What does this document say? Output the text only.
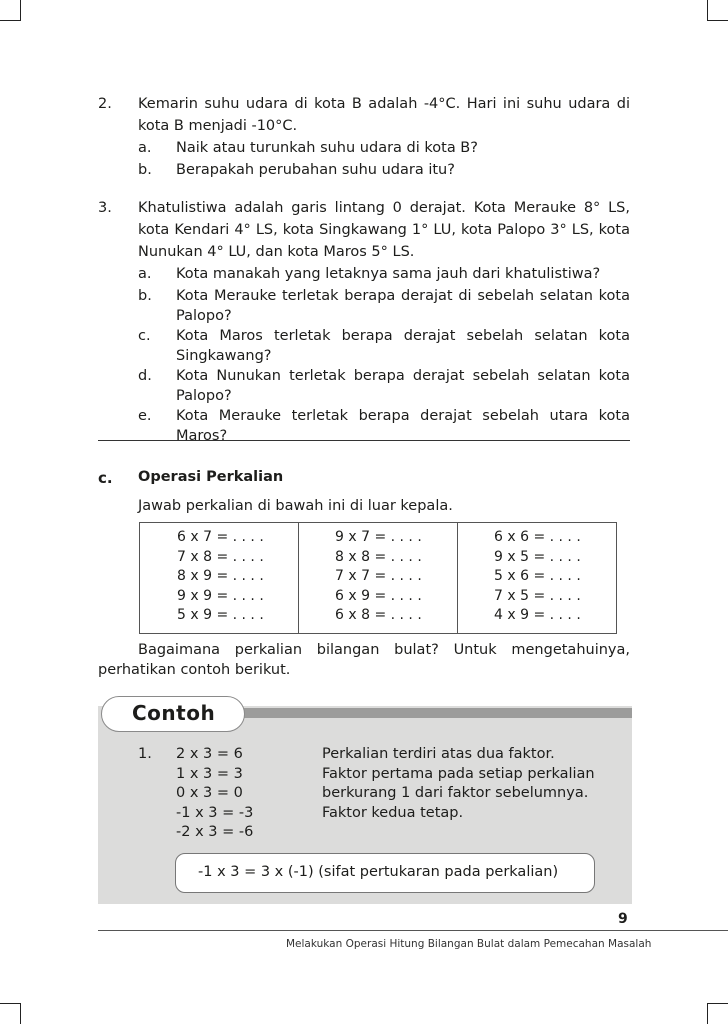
2. Kemarin suhu udara di kota B adalah -4°C. Hari ini suhu udara di
kota B menjadi -10°C.
a. Naik atau turunkah suhu udara di kota B?
b. Berapakah perubahan suhu udara itu?
3. Khatulistiwa adalah garis lintang 0 derajat. Kota Merauke 8° LS,
kota Kendari 4° LS, kota Singkawang 1° LU, kota Palopo 3° LS, kota
Nunukan 4° LU, dan kota Maros 5° LS.
a. Kota manakah yang letaknya sama jauh dari khatulistiwa?
b. Kota Merauke terletak berapa derajat di sebelah selatan kota
Palopo?
c. Kota Maros terletak berapa derajat sebelah selatan kota
Singkawang?
d. Kota Nunukan terletak berapa derajat sebelah selatan kota
Palopo?
e. Kota Merauke terletak berapa derajat sebelah utara kota
Maros?
c. Operasi Perkalian
Jawab perkalian di bawah ini di luar kepala.
6 x 7 = . . . .
7 x 8 = . . . .
8 x 9 = . . . .
9 x 9 = . . . .
5 x 9 = . . . .
9 x 7 = . . . .
8 x 8 = . . . .
7 x 7 = . . . .
6 x 9 = . . . .
6 x 8 = . . . .
6 x 6 = . . . .
9 x 5 = . . . .
5 x 6 = . . . .
7 x 5 = . . . .
4 x 9 = . . . .
Bagaimana perkalian bilangan bulat? Untuk mengetahuinya,
perhatikan contoh berikut.
Contoh
1. 2 x 3 = 6
1 x 3 = 3
0 x 3 = 0
-1 x 3 = -3
-2 x 3 = -6
Perkalian terdiri atas dua faktor.
Faktor pertama pada setiap perkalian
berkurang 1 dari faktor sebelumnya.
Faktor kedua tetap.
-1 x 3 = 3 x (-1) (sifat pertukaran pada perkalian)
9
Melakukan Operasi Hitung Bilangan Bulat dalam Pemecahan Masalah
